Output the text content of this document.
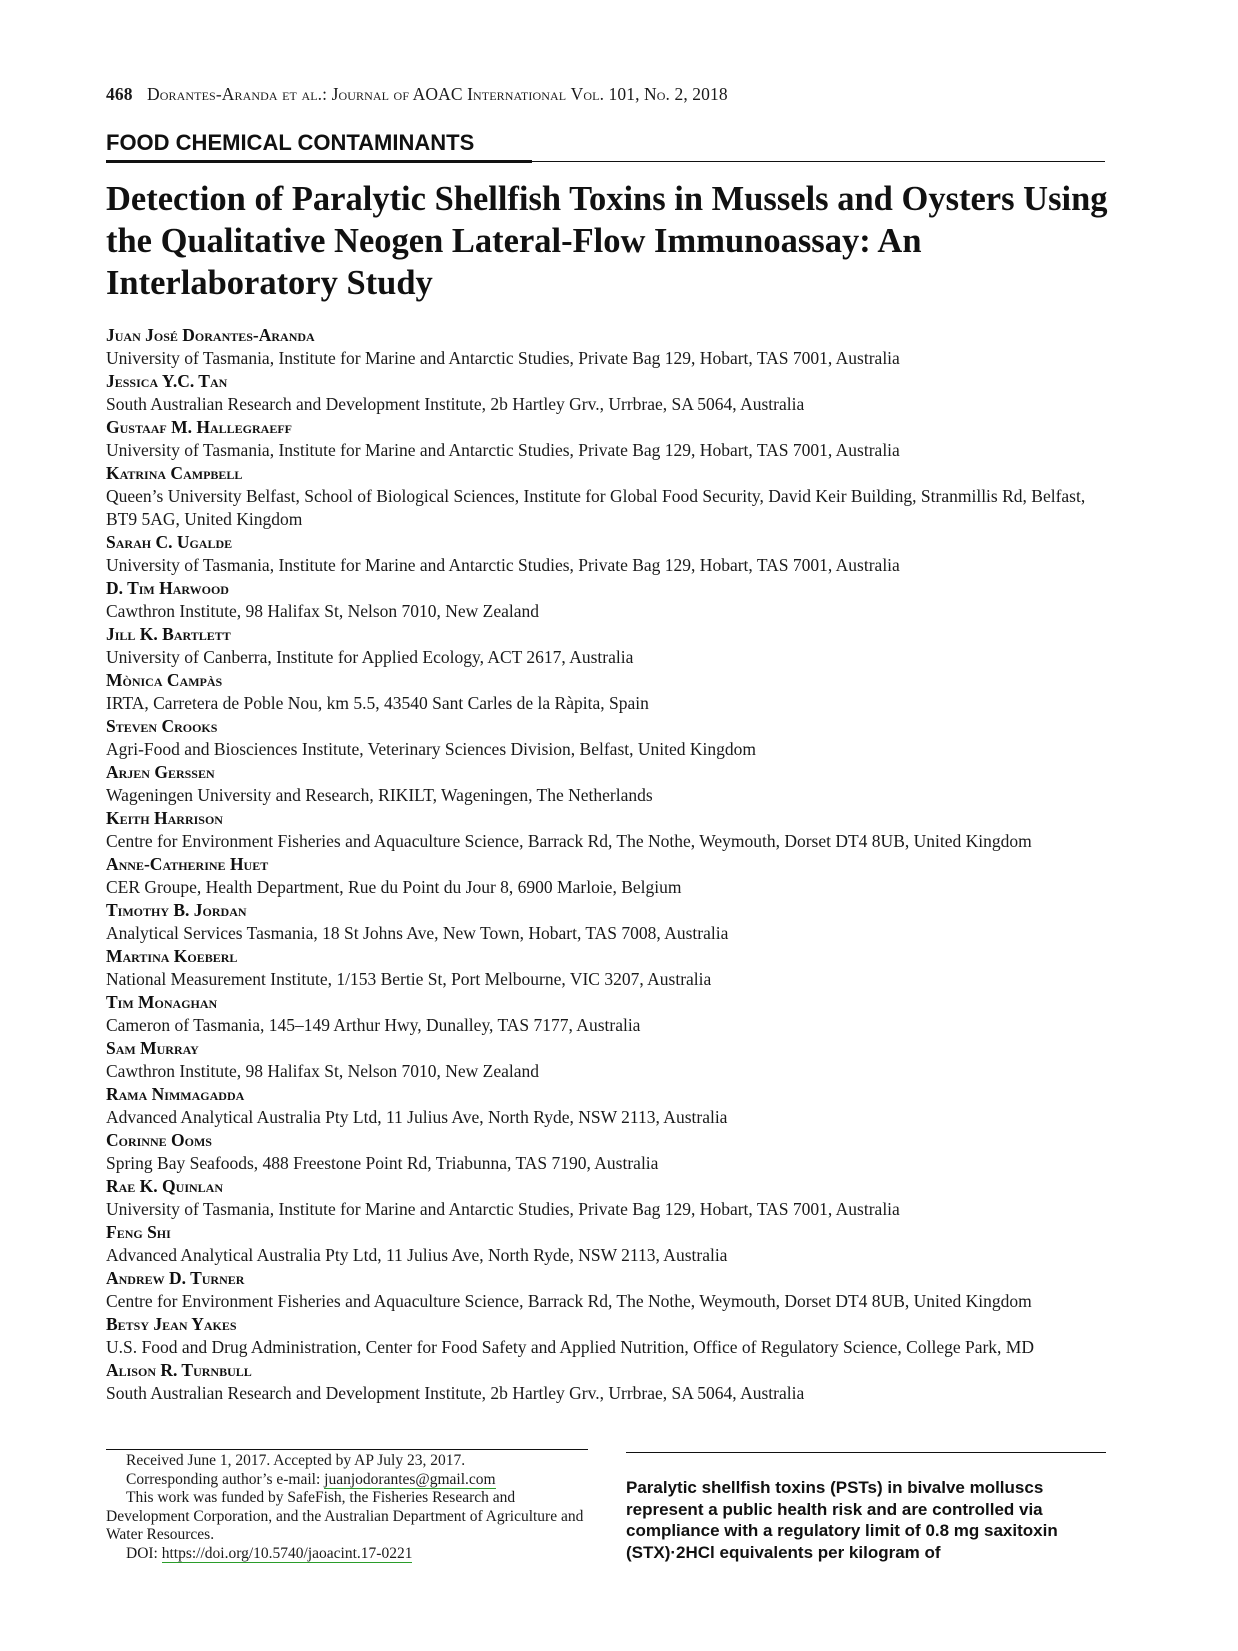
468 Dorantes-Aranda et al.: Journal of AOAC International Vol. 101, No. 2, 2018
FOOD CHEMICAL CONTAMINANTS
Detection of Paralytic Shellfish Toxins in Mussels and Oysters Using the Qualitative Neogen Lateral-Flow Immunoassay: An Interlaboratory Study
Juan José Dorantes-Aranda
University of Tasmania, Institute for Marine and Antarctic Studies, Private Bag 129, Hobart, TAS 7001, Australia
Jessica Y.C. Tan
South Australian Research and Development Institute, 2b Hartley Grv., Urrbrae, SA 5064, Australia
Gustaaf M. Hallegraeff
University of Tasmania, Institute for Marine and Antarctic Studies, Private Bag 129, Hobart, TAS 7001, Australia
Katrina Campbell
Queen’s University Belfast, School of Biological Sciences, Institute for Global Food Security, David Keir Building, Stranmillis Rd, Belfast, BT9 5AG, United Kingdom
Sarah C. Ugalde
University of Tasmania, Institute for Marine and Antarctic Studies, Private Bag 129, Hobart, TAS 7001, Australia
D. Tim Harwood
Cawthron Institute, 98 Halifax St, Nelson 7010, New Zealand
Jill K. Bartlett
University of Canberra, Institute for Applied Ecology, ACT 2617, Australia
Mònica Campàs
IRTA, Carretera de Poble Nou, km 5.5, 43540 Sant Carles de la Ràpita, Spain
Steven Crooks
Agri-Food and Biosciences Institute, Veterinary Sciences Division, Belfast, United Kingdom
Arjen Gerssen
Wageningen University and Research, RIKILT, Wageningen, The Netherlands
Keith Harrison
Centre for Environment Fisheries and Aquaculture Science, Barrack Rd, The Nothe, Weymouth, Dorset DT4 8UB, United Kingdom
Anne-Catherine Huet
CER Groupe, Health Department, Rue du Point du Jour 8, 6900 Marloie, Belgium
Timothy B. Jordan
Analytical Services Tasmania, 18 St Johns Ave, New Town, Hobart, TAS 7008, Australia
Martina Koeberl
National Measurement Institute, 1/153 Bertie St, Port Melbourne, VIC 3207, Australia
Tim Monaghan
Cameron of Tasmania, 145–149 Arthur Hwy, Dunalley, TAS 7177, Australia
Sam Murray
Cawthron Institute, 98 Halifax St, Nelson 7010, New Zealand
Rama Nimmagadda
Advanced Analytical Australia Pty Ltd, 11 Julius Ave, North Ryde, NSW 2113, Australia
Corinne Ooms
Spring Bay Seafoods, 488 Freestone Point Rd, Triabunna, TAS 7190, Australia
Rae K. Quinlan
University of Tasmania, Institute for Marine and Antarctic Studies, Private Bag 129, Hobart, TAS 7001, Australia
Feng Shi
Advanced Analytical Australia Pty Ltd, 11 Julius Ave, North Ryde, NSW 2113, Australia
Andrew D. Turner
Centre for Environment Fisheries and Aquaculture Science, Barrack Rd, The Nothe, Weymouth, Dorset DT4 8UB, United Kingdom
Betsy Jean Yakes
U.S. Food and Drug Administration, Center for Food Safety and Applied Nutrition, Office of Regulatory Science, College Park, MD
Alison R. Turnbull
South Australian Research and Development Institute, 2b Hartley Grv., Urrbrae, SA 5064, Australia

Received June 1, 2017. Accepted by AP July 23, 2017.

Corresponding author’s e-mail: juanjodorantes@gmail.com

This work was funded by SafeFish, the Fisheries Research and Development Corporation, and the Australian Department of Agriculture and Water Resources.

DOI: https://doi.org/10.5740/jaoacint.17-0221

Paralytic shellfish toxins (PSTs) in bivalve molluscs represent a public health risk and are controlled via compliance with a regulatory limit of 0.8 mg saxitoxin (STX)·2HCl equivalents per kilogram of
